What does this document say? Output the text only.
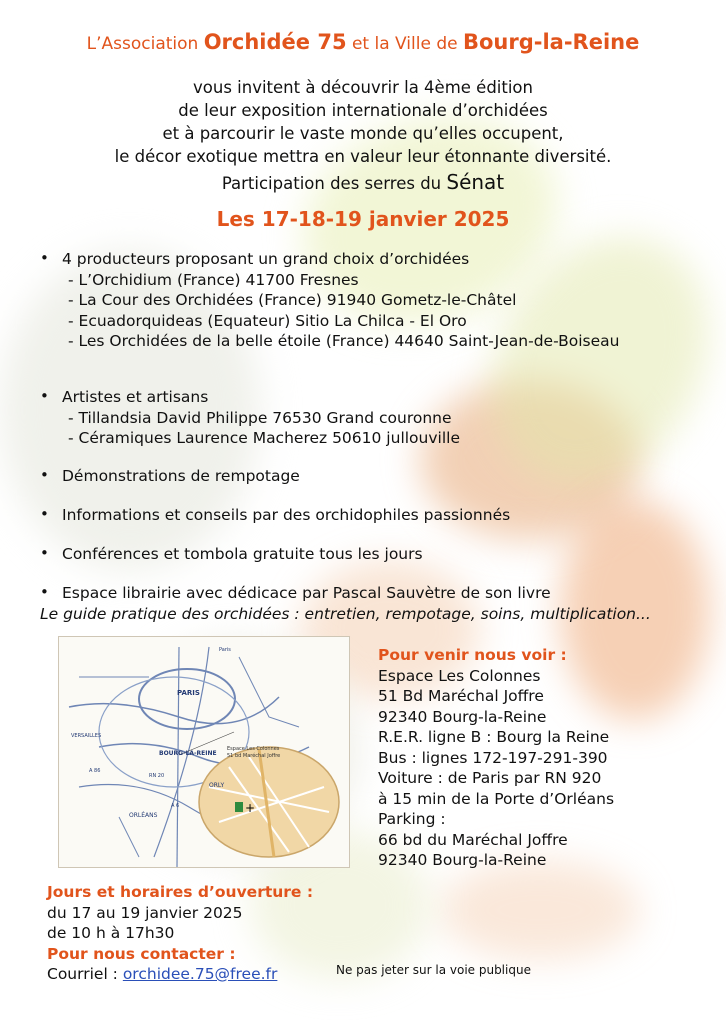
L’Association Orchidée 75 et la Ville de Bourg-la-Reine
vous invitent à découvrir la 4ème édition
de leur exposition internationale d’orchidées
et à parcourir le vaste monde qu’elles occupent,
le décor exotique mettra en valeur leur étonnante diversité.
Participation des serres du Sénat
Les 17-18-19 janvier 2025
• 4 producteurs proposant un grand choix d’orchidées
- L’Orchidium (France) 41700 Fresnes
- La Cour des Orchidées (France) 91940 Gometz-le-Châtel
- Ecuadorquideas (Equateur) Sitio La Chilca - El Oro
- Les Orchidées de la belle étoile (France) 44640 Saint-Jean-de-Boiseau
• Artistes et artisans
- Tillandsia David Philippe 76530 Grand couronne
- Céramiques Laurence Macherez 50610 jullouville
• Démonstrations de rempotage
• Informations et conseils par des orchidophiles passionnés
• Conférences et tombola gratuite tous les jours
• Espace librairie avec dédicace par Pascal Sauvètre de son livre
Le guide pratique des orchidées : entretien, rempotage, soins, multiplication...
+
Espace Les Colonnes
51 bd Maréchal Joffre
PARIS
BOURG-LA-REINE
ORLY
ORLÉANS
VERSAILLES
A 6
A 86
RN 20
Paris	Pour venir nous voir :
Espace Les Colonnes
51 Bd Maréchal Joffre
92340 Bourg-la-Reine
R.E.R. ligne B : Bourg la Reine
Bus : lignes 172-197-291-390
Voiture : de Paris par RN 920
à 15 min de la Porte d’Orléans
Parking :
66 bd du Maréchal Joffre
92340 Bourg-la-Reine
Jours et horaires d’ouverture :
du 17 au 19 janvier 2025
de 10 h à 17h30
Pour nous contacter :
Courriel : orchidee.75@free.fr	Ne pas jeter sur la voie publique
